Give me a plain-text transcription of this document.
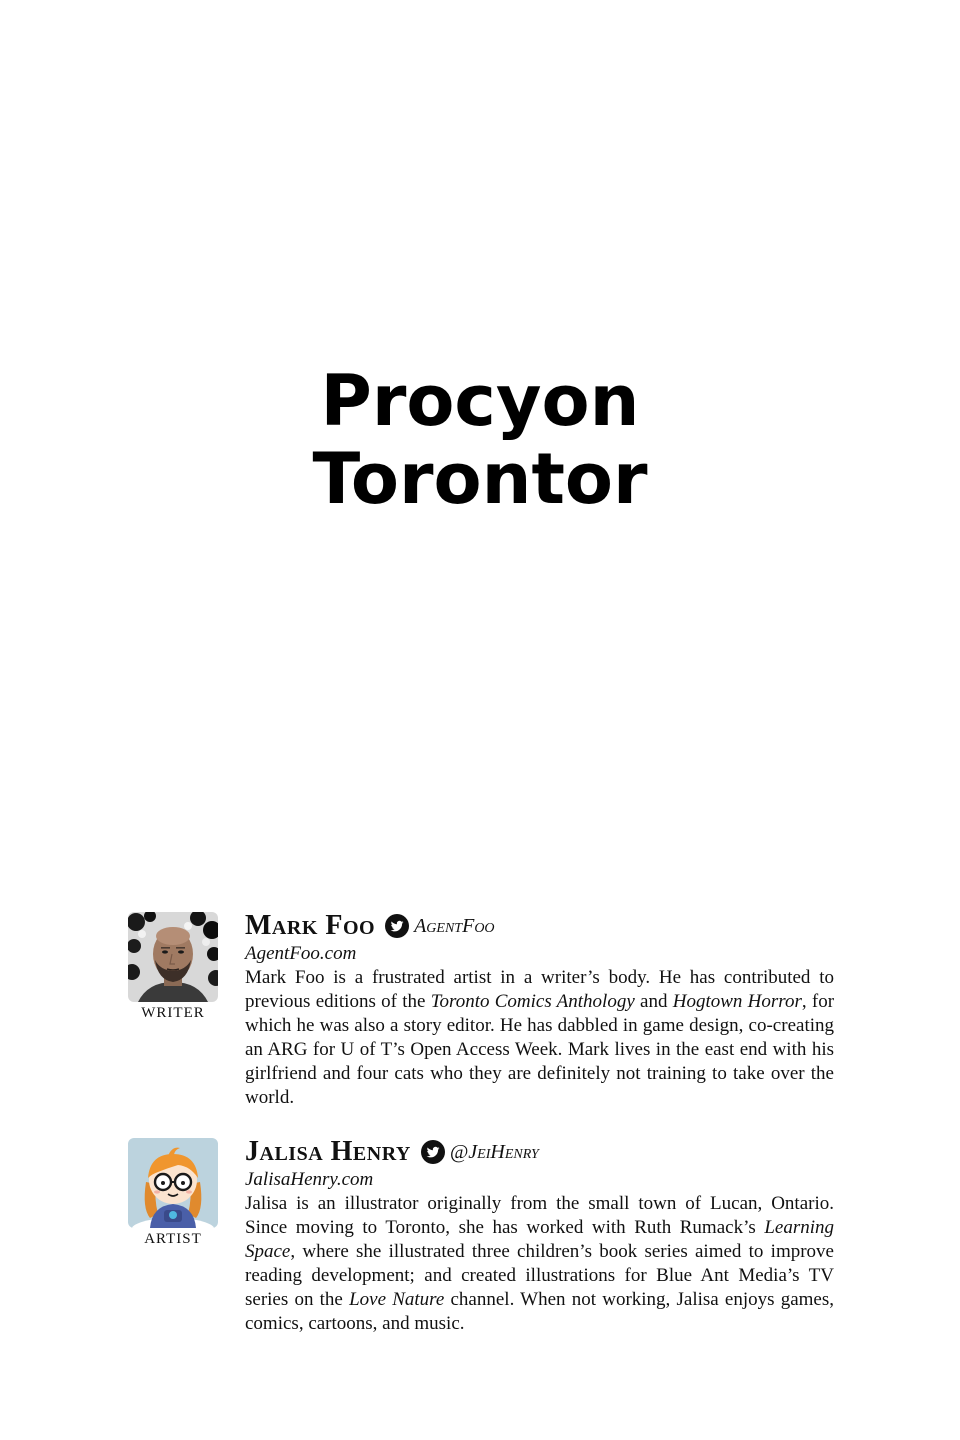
Procyon
Torontor
WRITER
Mark Foo AgentFoo
AgentFoo.com

Mark Foo is a frustrated artist in a writer’s body. He has contributed to previous editions of the Toronto Comics Anthology and Hogtown Horror, for which he was also a story editor. He has dabbled in game design, co-creating an ARG for U of T’s Open Access Week. Mark lives in the east end with his girlfriend and four cats who they are definitely not training to take over the world.

ARTIST
Jalisa Henry @JeiHenry
JalisaHenry.com

Jalisa is an illustrator originally from the small town of Lucan, Ontario. Since moving to Toronto, she has worked with Ruth Rumack’s Learning Space, where she illustrated three children’s book series aimed to improve reading development; and created illustrations for Blue Ant Media’s TV series on the Love Nature channel. When not working, Jalisa enjoys games, comics, cartoons, and music.
